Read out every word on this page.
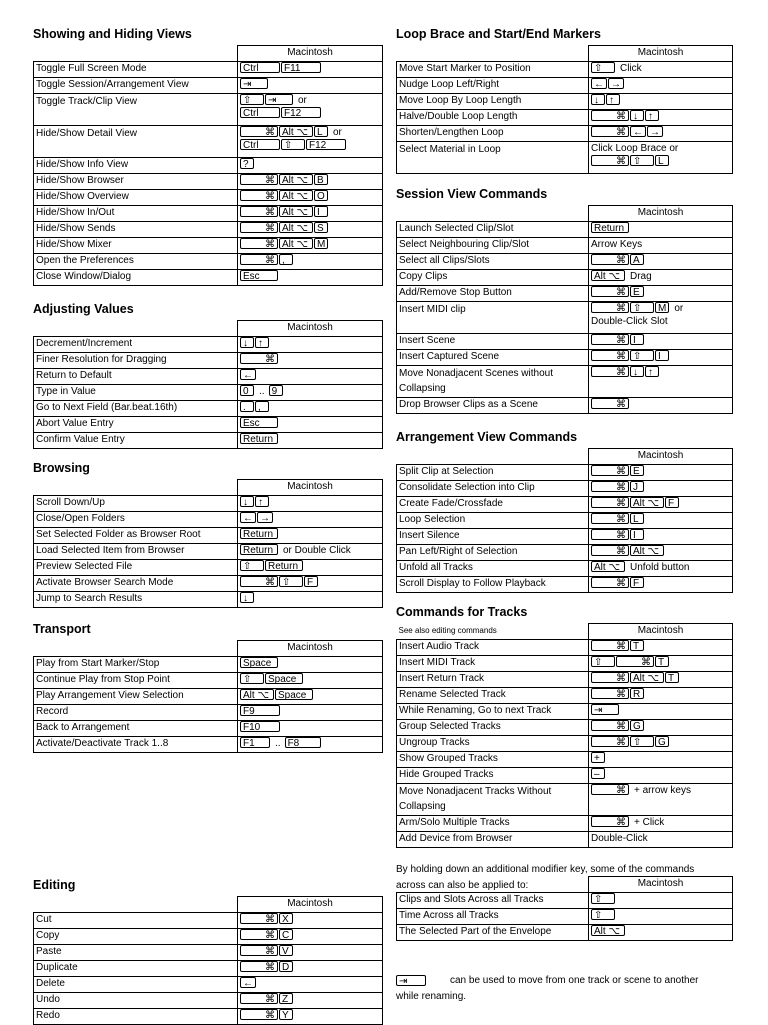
Showing and Hiding Views
	Macintosh
Toggle Full Screen Mode	Ctrl F11
Toggle Session/Arrangement View	⇥
Toggle Track/Clip View	⇧ ⇥ or
Ctrl F12
Hide/Show Detail View	⌘ Alt ⌥ L or
Ctrl ⇧ F12
Hide/Show Info View	?
Hide/Show Browser	⌘ Alt ⌥ B
Hide/Show Overview	⌘ Alt ⌥ O
Hide/Show In/Out	⌘ Alt ⌥ I
Hide/Show Sends	⌘ Alt ⌥ S
Hide/Show Mixer	⌘ Alt ⌥ M
Open the Preferences	⌘ ,
Close Window/Dialog	Esc
Adjusting Values
	Macintosh
Decrement/Increment	↓ ↑
Finer Resolution for Dragging	⌘
Return to Default	←
Type in Value	0 .. 9
Go to Next Field (Bar.beat.16th)	. ,
Abort Value Entry	Esc
Confirm Value Entry	Return
Browsing
	Macintosh
Scroll Down/Up	↓ ↑
Close/Open Folders	← →
Set Selected Folder as Browser Root	Return
Load Selected Item from Browser	Return or Double Click
Preview Selected File	⇧ Return
Activate Browser Search Mode	⌘ ⇧ F
Jump to Search Results	↓
Transport
	Macintosh
Play from Start Marker/Stop	Space
Continue Play from Stop Point	⇧ Space
Play Arrangement View Selection	Alt ⌥ Space
Record	F9
Back to Arrangement	F10
Activate/Deactivate Track 1..8	F1 .. F8
Editing
	Macintosh
Cut	⌘ X
Copy	⌘ C
Paste	⌘ V
Duplicate	⌘ D
Delete	←
Undo	⌘ Z
Redo	⌘ Y
Loop Brace and Start/End Markers
	Macintosh
Move Start Marker to Position	⇧ Click
Nudge Loop Left/Right	← →
Move Loop By Loop Length	↓ ↑
Halve/Double Loop Length	⌘ ↓ ↑
Shorten/Lengthen Loop	⌘ ← →
Select Material in Loop	Click Loop Brace or
⌘ ⇧ L
Session View Commands
	Macintosh
Launch Selected Clip/Slot	Return
Select Neighbouring Clip/Slot	Arrow Keys
Select all Clips/Slots	⌘ A
Copy Clips	Alt ⌥ Drag
Add/Remove Stop Button	⌘ E
Insert MIDI clip	⌘ ⇧ M or
Double-Click Slot
Insert Scene	⌘ I
Insert Captured Scene	⌘ ⇧ I
Move Nonadjacent Scenes without Collapsing	⌘ ↓ ↑
Drop Browser Clips as a Scene	⌘
Arrangement View Commands
	Macintosh
Split Clip at Selection	⌘ E
Consolidate Selection into Clip	⌘ J
Create Fade/Crossfade	⌘ Alt ⌥ F
Loop Selection	⌘ L
Insert Silence	⌘ I
Pan Left/Right of Selection	⌘ Alt ⌥
Unfold all Tracks	Alt ⌥ Unfold button
Scroll Display to Follow Playback	⌘ F
Commands for Tracks
See also editing commands	Macintosh
Insert Audio Track	⌘ T
Insert MIDI Track	⇧ ⌘ T
Insert Return Track	⌘ Alt ⌥ T
Rename Selected Track	⌘ R
While Renaming, Go to next Track	⇥
Group Selected Tracks	⌘ G
Ungroup Tracks	⌘ ⇧ G
Show Grouped Tracks	+
Hide Grouped Tracks	–
Move Nonadjacent Tracks Without Collapsing	⌘ + arrow keys
Arm/Solo Multiple Tracks	⌘ + Click
Add Device from Browser	Double-Click
By holding down an additional modifier key, some of the commands across can also be applied to:
		Macintosh
Clips and Slots Across all Tracks	⇧
Time Across all Tracks	⇧
The Selected Part of the Envelope	Alt ⌥
⇥	can be used to move from one track or scene to another while renaming.
